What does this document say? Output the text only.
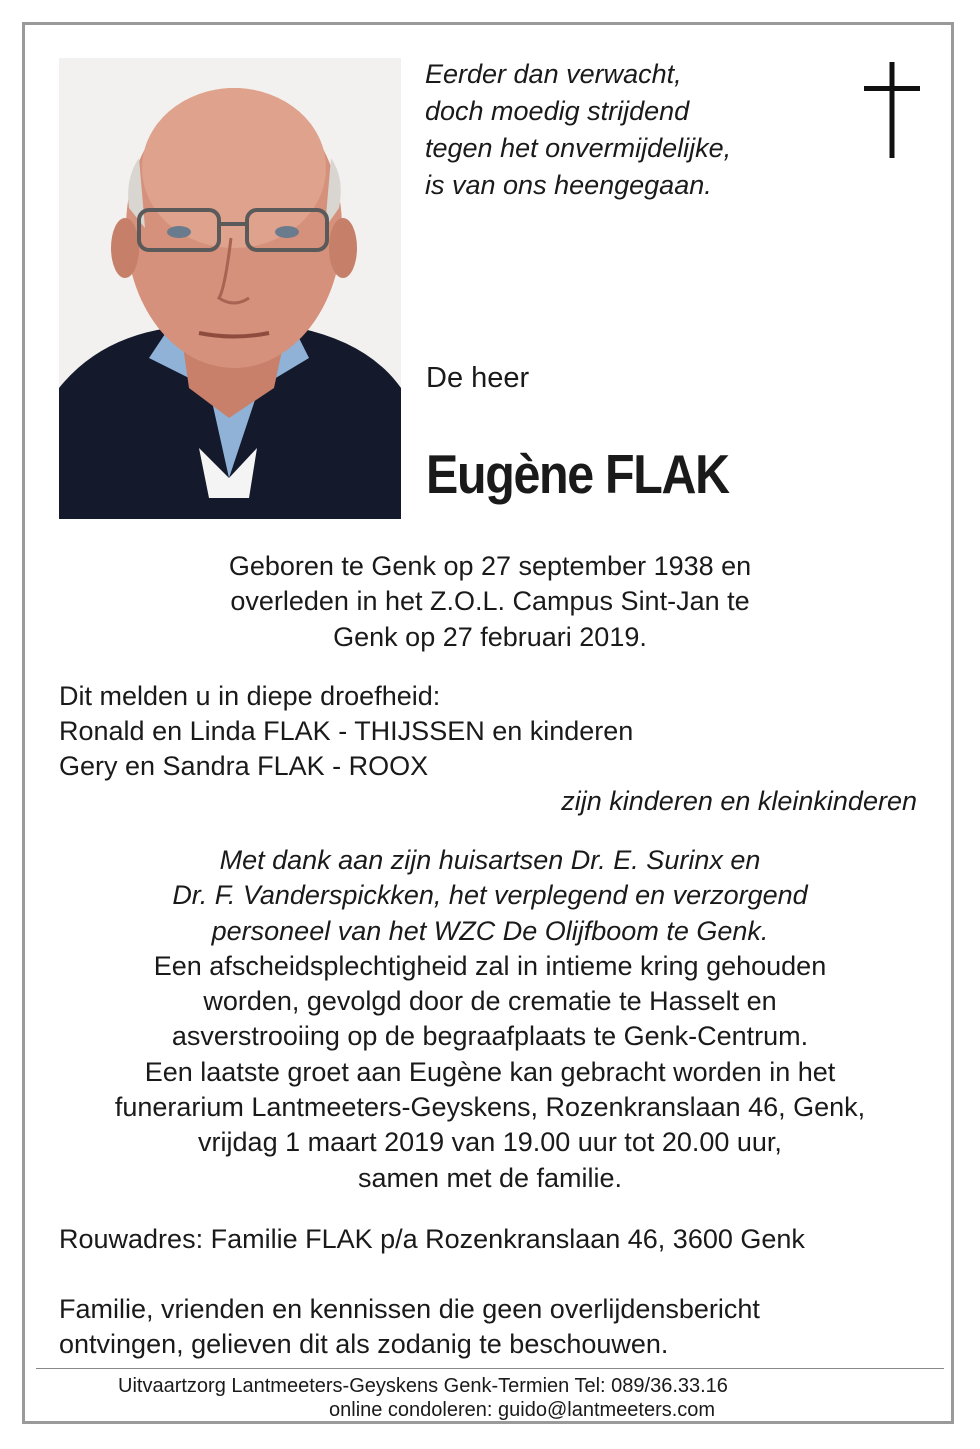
Eerder dan verwacht,
doch moedig strijdend
tegen het onvermijdelijke,
is van ons heengegaan.
De heer
Eugène FLAK
Geboren te Genk op 27 september 1938 en
overleden in het Z.O.L. Campus Sint-Jan te
Genk op 27 februari 2019.
Dit melden u in diepe droefheid:
Ronald en Linda FLAK - THIJSSEN en kinderen
Gery en Sandra FLAK - ROOX
zijn kinderen en kleinkinderen
Met dank aan zijn huisartsen Dr. E. Surinx en
Dr. F. Vanderspickken, het verplegend en verzorgend
personeel van het WZC De Olijfboom te Genk.
Een afscheidsplechtigheid zal in intieme kring gehouden
worden, gevolgd door de crematie te Hasselt en
asverstrooiing op de begraafplaats te Genk-Centrum.
Een laatste groet aan Eugène kan gebracht worden in het
funerarium Lantmeeters-Geyskens, Rozenkranslaan 46, Genk,
vrijdag 1 maart 2019 van 19.00 uur tot 20.00 uur,
samen met de familie.
Rouwadres: Familie FLAK p/a Rozenkranslaan 46, 3600 Genk
Familie, vrienden en kennissen die geen overlijdensbericht
ontvingen, gelieven dit als zodanig te beschouwen.
Uitvaartzorg Lantmeeters-Geyskens Genk-Termien Tel: 089/36.33.16
online condoleren: guido@lantmeeters.com
